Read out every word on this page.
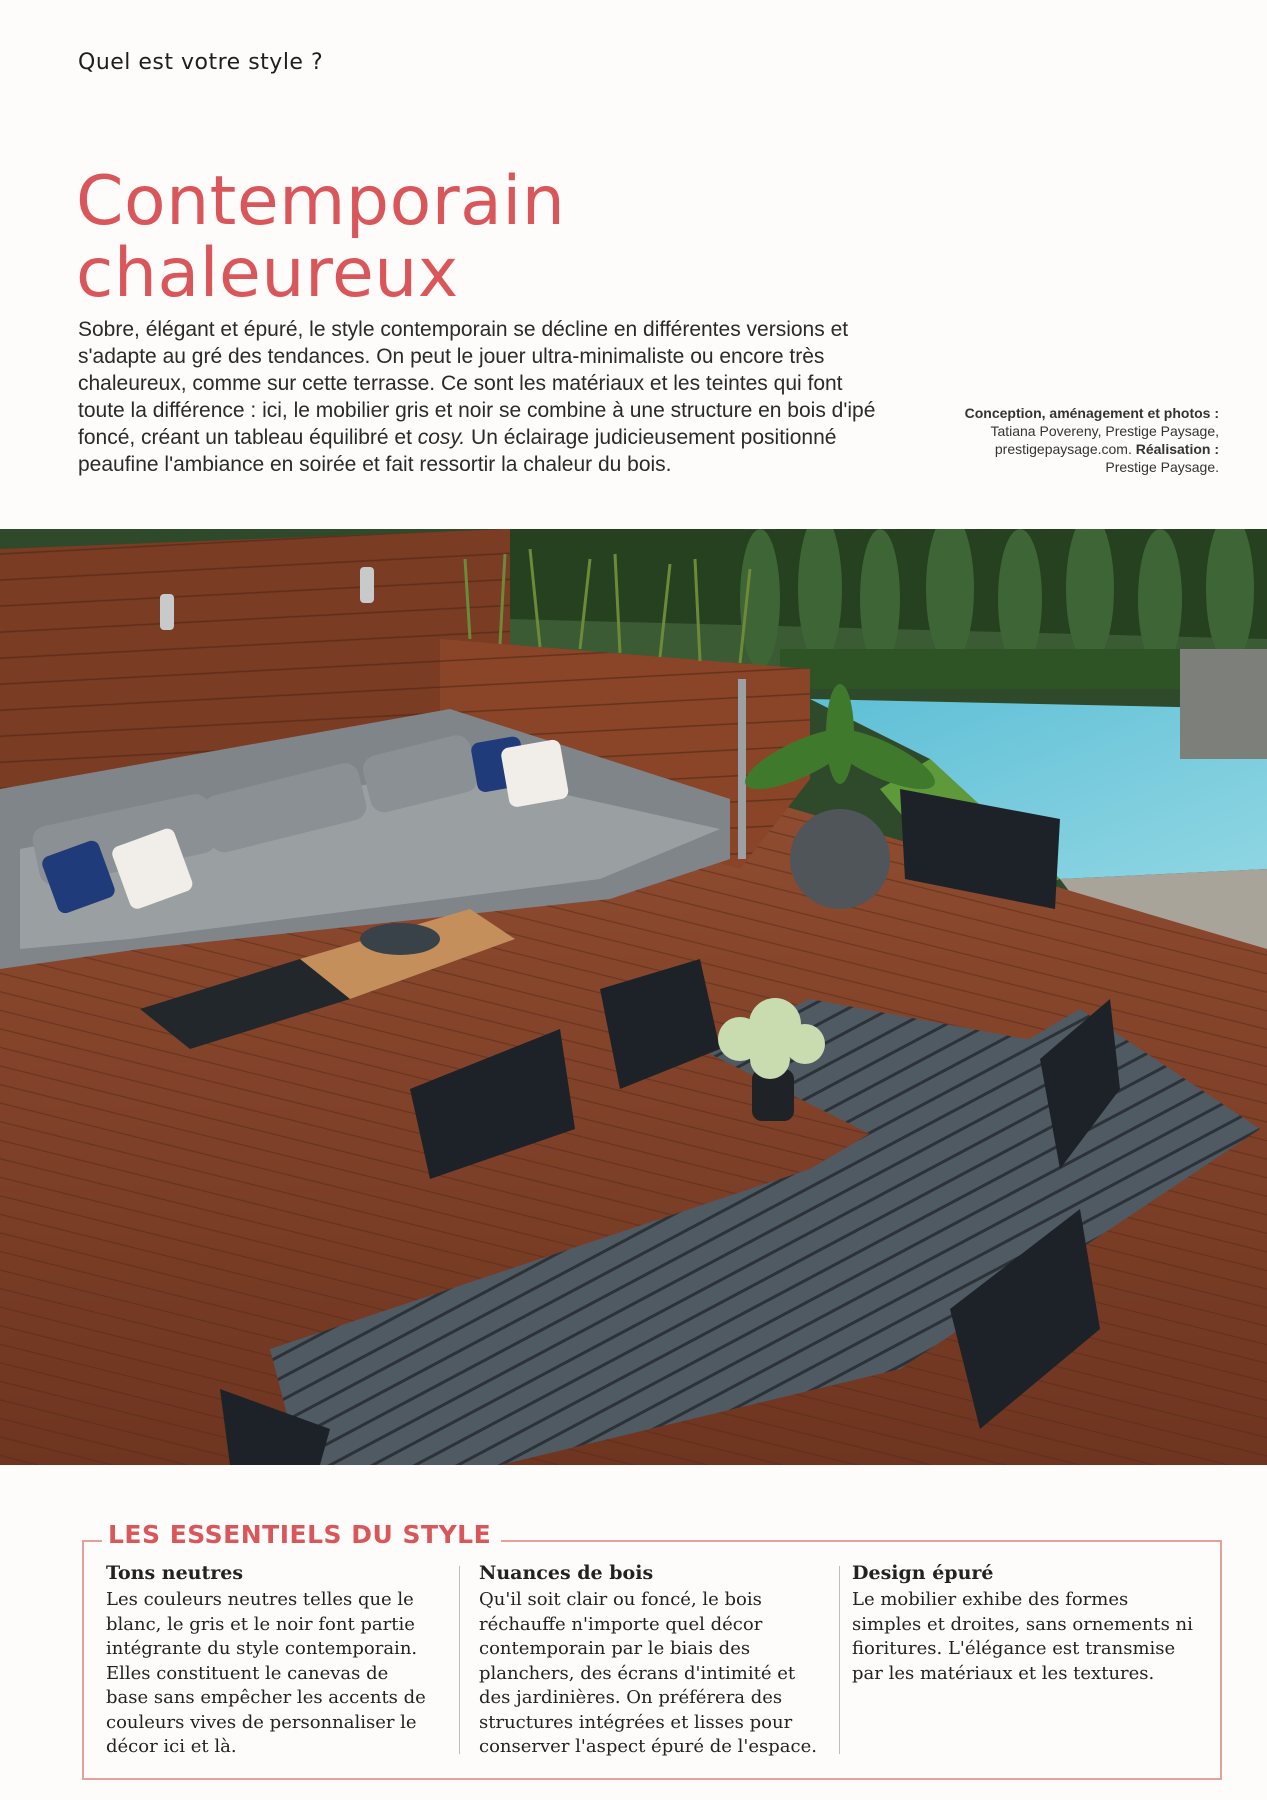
Quel est votre style ?
Contemporain
chaleureux

Sobre, élégant et épuré, le style contemporain se décline en différentes versions et s'adapte au gré des tendances. On peut le jouer ultra-minimaliste ou encore très chaleureux, comme sur cette terrasse. Ce sont les matériaux et les teintes qui font toute la différence : ici, le mobilier gris et noir se combine à une structure en bois d'ipé foncé, créant un tableau équilibré et cosy. Un éclairage judicieusement positionné peaufine l'ambiance en soirée et fait ressortir la chaleur du bois.

Conception, aménagement et photos :
Tatiana Povereny, Prestige Paysage, prestigepaysage.com. Réalisation :
Prestige Paysage.
LES ESSENTIELS DU STYLE
Tons neutres

Les couleurs neutres telles que le blanc, le gris et le noir font partie intégrante du style contemporain. Elles constituent le canevas de base sans empêcher les accents de couleurs vives de personnaliser le décor ici et là.

Nuances de bois

Qu'il soit clair ou foncé, le bois réchauffe n'importe quel décor contemporain par le biais des planchers, des écrans d'intimité et des jardinières. On préférera des structures intégrées et lisses pour conserver l'aspect épuré de l'espace.

Design épuré

Le mobilier exhibe des formes simples et droites, sans ornements ni fioritures. L'élégance est transmise par les matériaux et les textures.
